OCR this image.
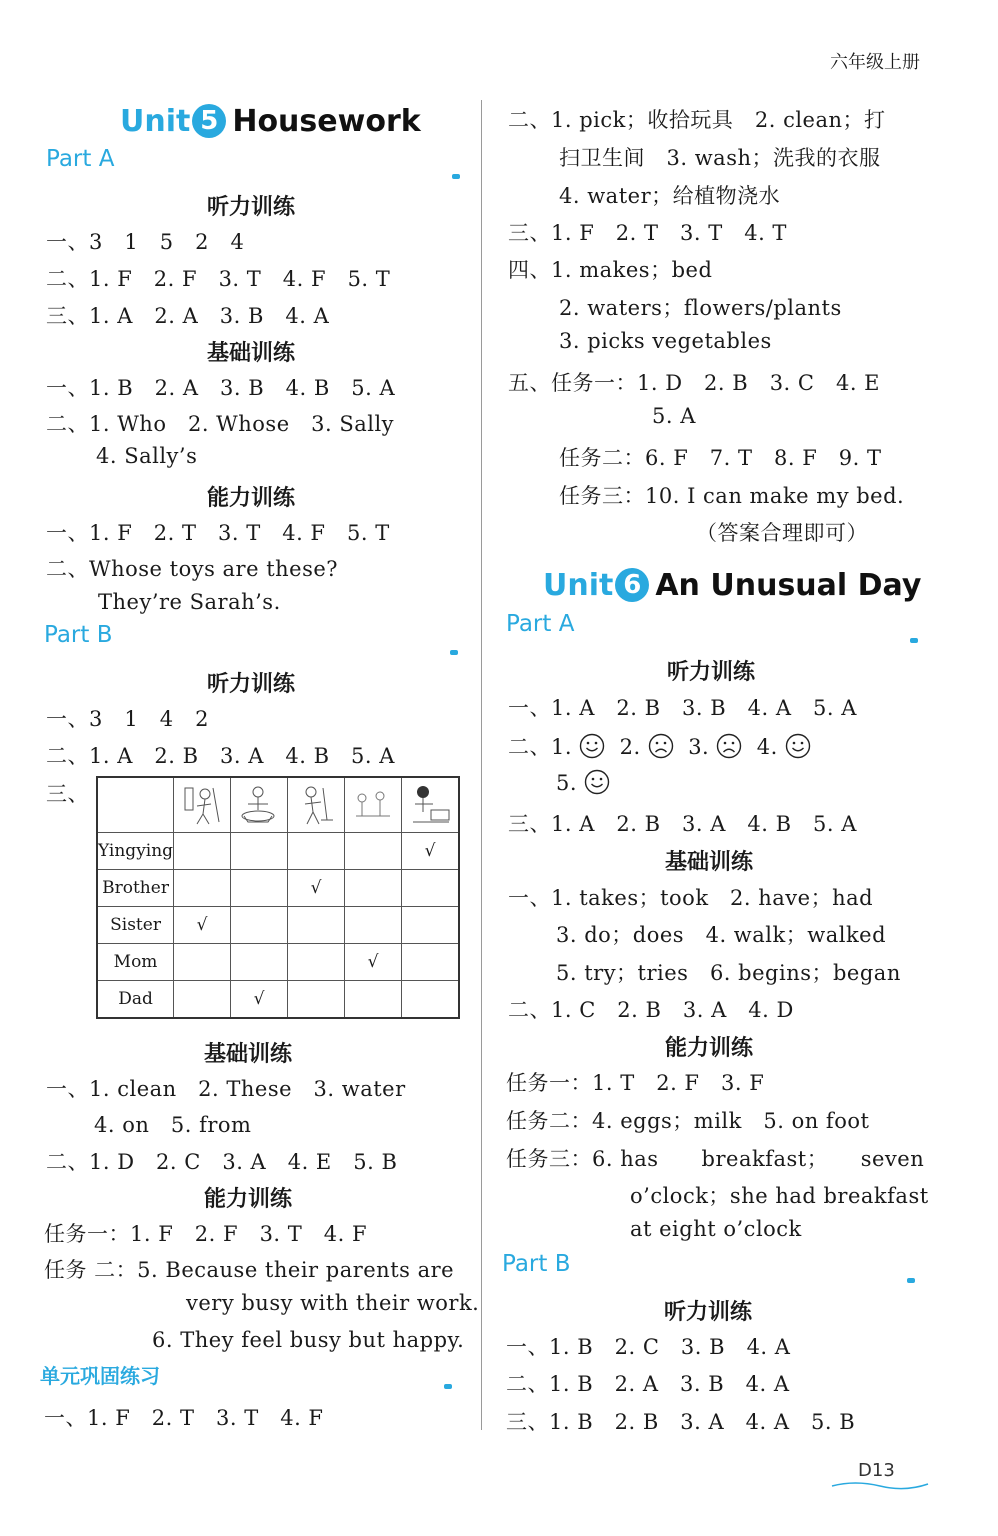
六年级上册
Unit 5 Housework
Part A
听力训练
一、3　1　5　2　4
二、1. F　2. F　3. T　4. F　5. T
三、1. A　2. A　3. B　4. A
基础训练
一、1. B　2. A　3. B　4. B　5. A
二、1. Who　2. Whose　3. Sally
4. Sally’s
能力训练
一、1. F　2. T　3. T　4. F　5. T
二、Whose toys are these?
They’re Sarah’s.
Part B
听力训练
一、3　1　4　2
二、1. A　2. B　3. A　4. B　5. A
三、

Yingying					√
Brother			√		
Sister	√				
Mom				√	
Dad		√			
基础训练
一、1. clean　2. These　3. water
4. on　5. from
二、1. D　2. C　3. A　4. E　5. B
能力训练
任务一：1. F　2. F　3. T　4. F
任务 二：5. Because their parents are
very busy with their work.
6. They feel busy but happy.
单元巩固练习
一、1. F　2. T　3. T　4. F
二、1. pick；收拾玩具　2. clean；打
扫卫生间　3. wash；洗我的衣服
4. water；给植物浇水
三、1. F　2. T　3. T　4. T
四、1. makes；bed
2. waters；flowers/plants
3. picks vegetables
五、任务一：1. D　2. B　3. C　4. E
5. A
任务二：6. F　7. T　8. F　9. T
任务三：10. I can make my bed.
（答案合理即可）
Unit 6 An Unusual Day
Part A
听力训练
一、1. A　2. B　3. B　4. A　5. A
二、1. 2. 3. 4.
5.
三、1. A　2. B　3. A　4. B　5. A
基础训练
一、1. takes；took　2. have；had
3. do；does　4. walk；walked
5. try；tries　6. begins；began
二、1. C　2. B　3. A　4. D
能力训练
任务一：1. T　2. F　3. F
任务二：4. eggs；milk　5. on foot
任务三：6. has　　breakfast；　　seven
o’clock；she had breakfast
at eight o’clock
Part B
听力训练
一、1. B　2. C　3. B　4. A
二、1. B　2. A　3. B　4. A
三、1. B　2. B　3. A　4. A　5. B
D13
